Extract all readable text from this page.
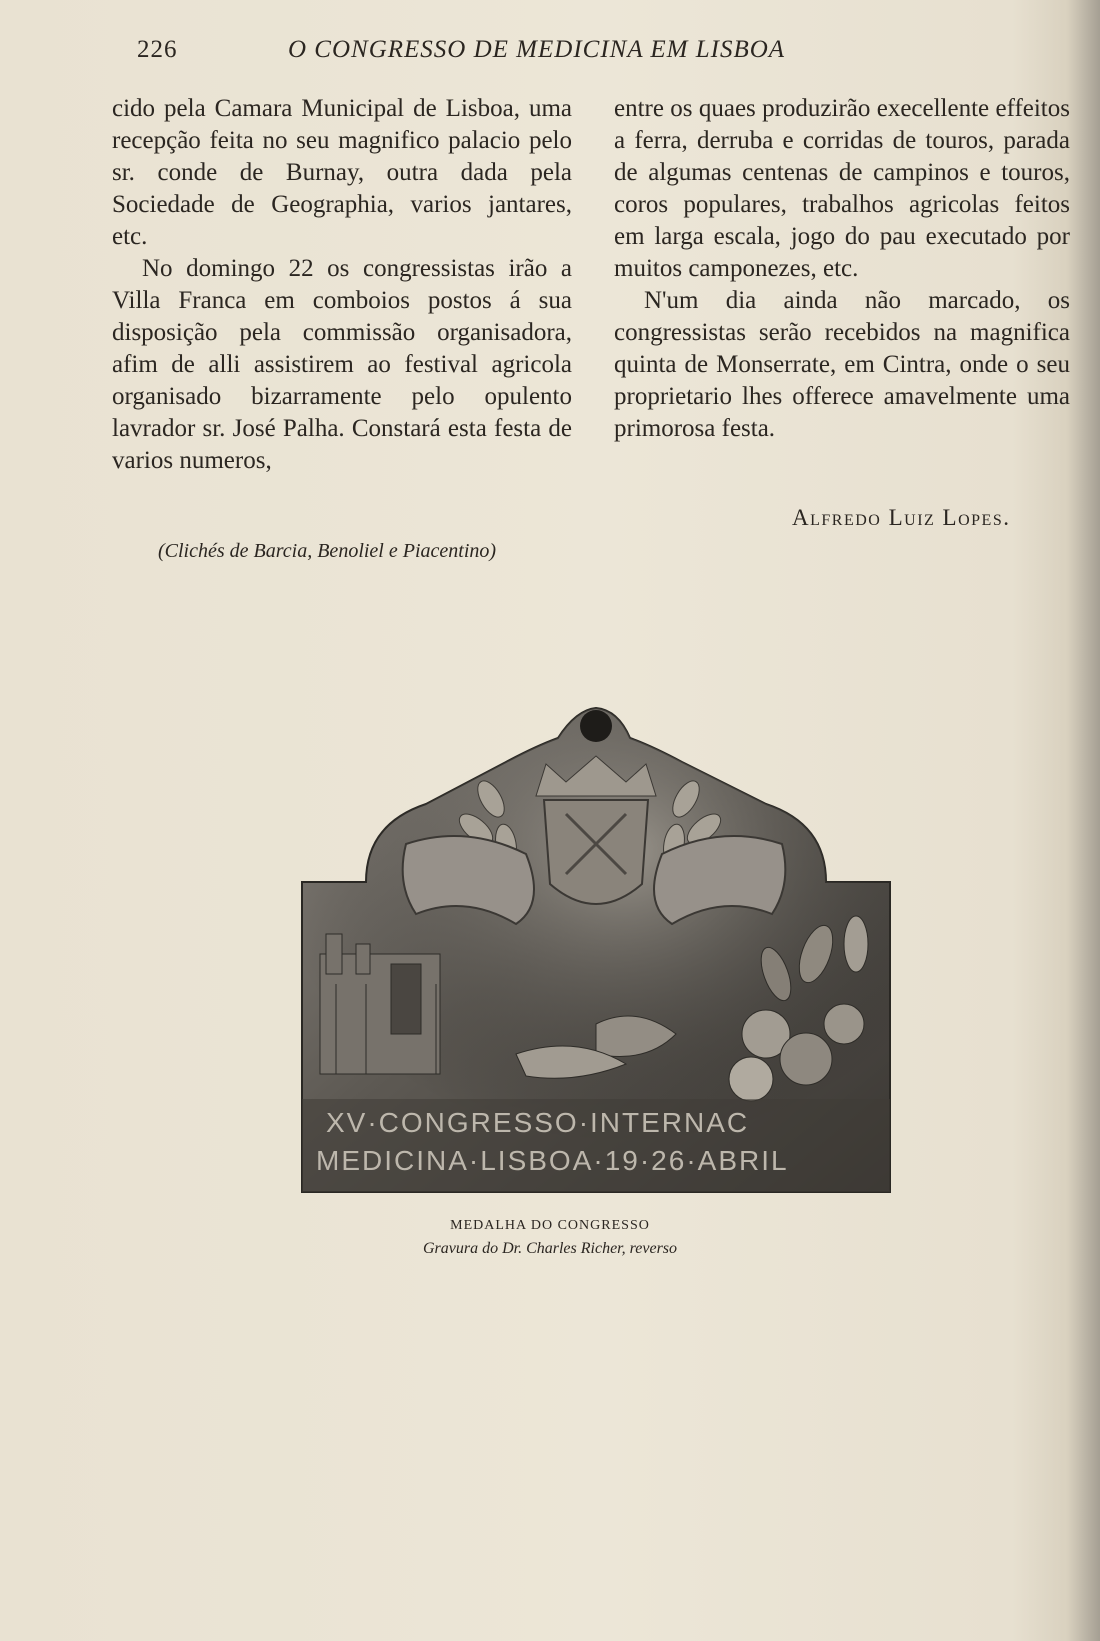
226	O CONGRESSO DE MEDICINA EM LISBOA

cido pela Camara Municipal de Lisboa, uma recepção feita no seu magnifico palacio pelo sr. conde de Burnay, outra dada pela Sociedade de Geographia, varios jantares, etc.

No domingo 22 os congressistas irão a Villa Franca em comboios postos á sua disposição pela commissão organisadora, afim de alli assistirem ao festival agricola organisado bizarramente pelo opulento lavrador sr. José Palha. Constará esta festa de varios numeros,

entre os quaes produzirão execellente effeitos a ferra, derruba e corridas de touros, parada de algumas centenas de campinos e touros, coros populares, trabalhos agricolas feitos em larga escala, jogo do pau executado por muitos camponezes, etc.

N'um dia ainda não marcado, os congressistas serão recebidos na magnifica quinta de Monserrate, em Cintra, onde o seu proprietario lhes offerece amavelmente uma primorosa festa.

Alfredo Luiz Lopes.
(Clichés de Barcia, Benoliel e Piacentino)
XV·CONGRESSO·INTERNAC
MEDICINA·LISBOA·19·26·ABRIL
MEDALHA DO CONGRESSO
Gravura do Dr. Charles Richer, reverso
